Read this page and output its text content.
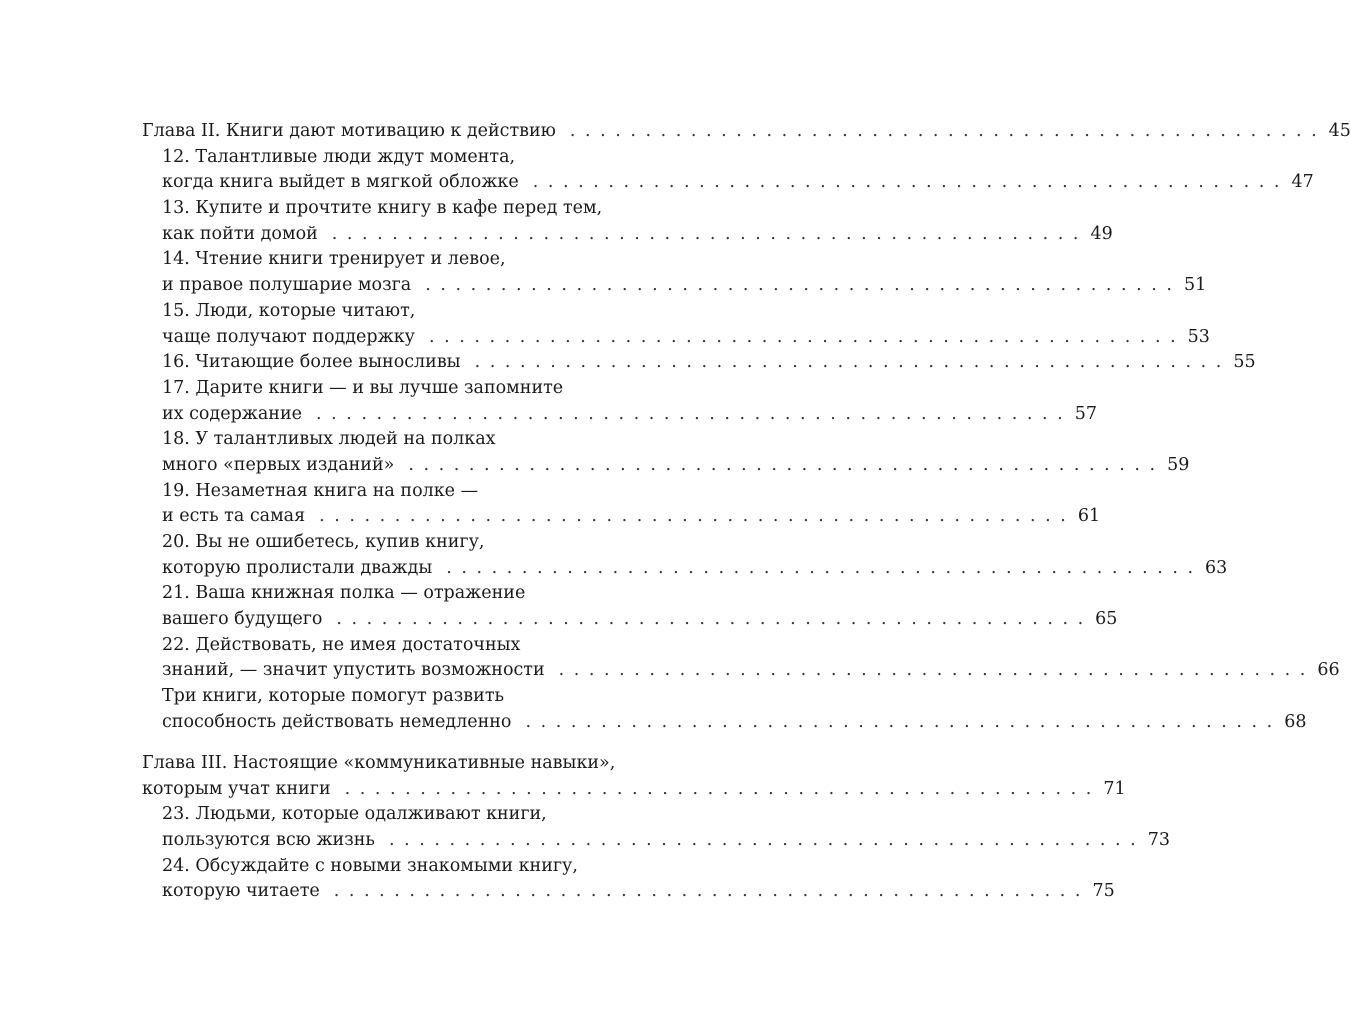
Глава II. Книги дают мотивацию к действию . . . . . . . . . . . . . . . . . . . . . . . . . . . . . . . . . . . . . . . . . . . . . . . . . . 45
12. Талантливые люди ждут момента,
когда книга выйдет в мягкой обложке . . . . . . . . . . . . . . . . . . . . . . . . . . . . . . . . . . . . . . . . . . . . . . . . . . 47
13. Купите и прочтите книгу в кафе перед тем,
как пойти домой . . . . . . . . . . . . . . . . . . . . . . . . . . . . . . . . . . . . . . . . . . . . . . . . . . 49
14. Чтение книги тренирует и левое,
и правое полушарие мозга . . . . . . . . . . . . . . . . . . . . . . . . . . . . . . . . . . . . . . . . . . . . . . . . . . 51
15. Люди, которые читают,
чаще получают поддержку . . . . . . . . . . . . . . . . . . . . . . . . . . . . . . . . . . . . . . . . . . . . . . . . . . 53
16. Читающие более выносливы . . . . . . . . . . . . . . . . . . . . . . . . . . . . . . . . . . . . . . . . . . . . . . . . . . 55
17. Дарите книги — и вы лучше запомните
их содержание . . . . . . . . . . . . . . . . . . . . . . . . . . . . . . . . . . . . . . . . . . . . . . . . . . 57
18. У талантливых людей на полках
много «первых изданий» . . . . . . . . . . . . . . . . . . . . . . . . . . . . . . . . . . . . . . . . . . . . . . . . . . 59
19. Незаметная книга на полке —
и есть та самая . . . . . . . . . . . . . . . . . . . . . . . . . . . . . . . . . . . . . . . . . . . . . . . . . . 61
20. Вы не ошибетесь, купив книгу,
которую пролистали дважды . . . . . . . . . . . . . . . . . . . . . . . . . . . . . . . . . . . . . . . . . . . . . . . . . . 63
21. Ваша книжная полка — отражение
вашего будущего . . . . . . . . . . . . . . . . . . . . . . . . . . . . . . . . . . . . . . . . . . . . . . . . . . 65
22. Действовать, не имея достаточных
знаний, — значит упустить возможности . . . . . . . . . . . . . . . . . . . . . . . . . . . . . . . . . . . . . . . . . . . . . . . . . . 66
Три книги, которые помогут развить
способность действовать немедленно . . . . . . . . . . . . . . . . . . . . . . . . . . . . . . . . . . . . . . . . . . . . . . . . . . 68
Глава III. Настоящие «коммуникативные навыки»,
которым учат книги . . . . . . . . . . . . . . . . . . . . . . . . . . . . . . . . . . . . . . . . . . . . . . . . . . 71
23. Людьми, которые одалживают книги,
пользуются всю жизнь . . . . . . . . . . . . . . . . . . . . . . . . . . . . . . . . . . . . . . . . . . . . . . . . . . 73
24. Обсуждайте с новыми знакомыми книгу,
которую читаете . . . . . . . . . . . . . . . . . . . . . . . . . . . . . . . . . . . . . . . . . . . . . . . . . . 75
